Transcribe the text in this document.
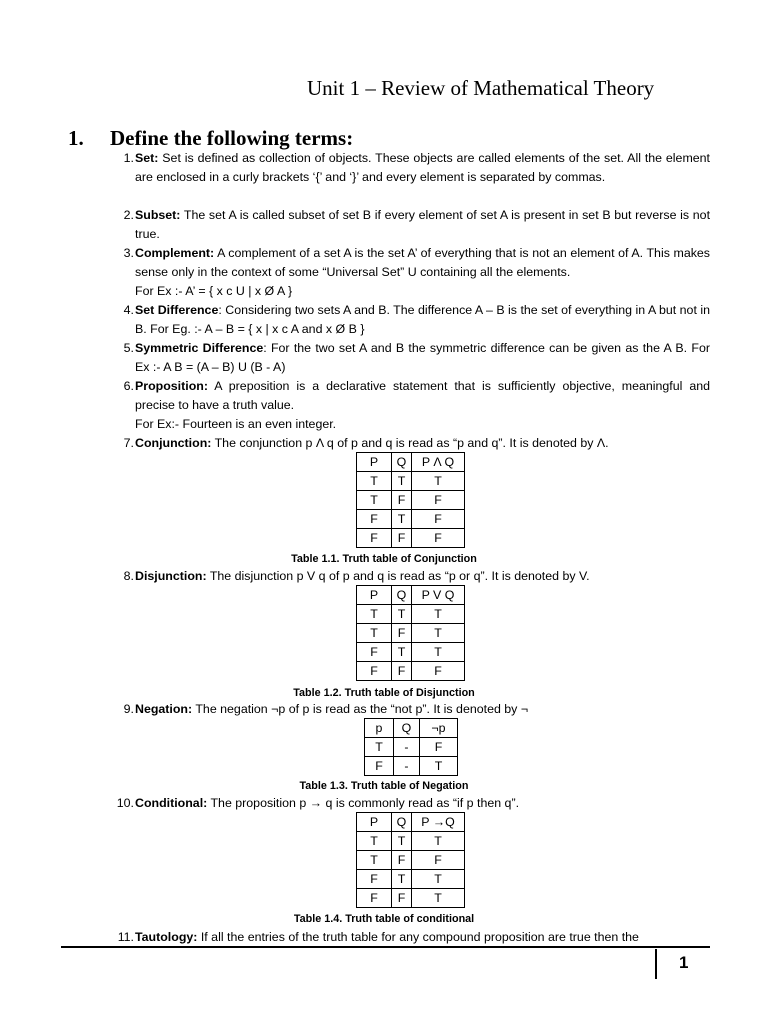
Unit 1 – Review of Mathematical Theory
1. Define the following terms:
1. Set: Set is defined as collection of objects. These objects are called elements of the set. All the element are enclosed in a curly brackets ‘{’ and ‘}’ and every element is separated by commas.
2. Subset: The set A is called subset of set B if every element of set A is present in set B but reverse is not true.
3. Complement: A complement of a set A is the set A’ of everything that is not an element of A. This makes sense only in the context of some “Universal Set” U containing all the elements.
For Ex :- A’ = { x c U | x Ø A }
4. Set Difference: Considering two sets A and B. The difference A – B is the set of everything in A but not in B. For Eg. :- A – B = { x | x c A and x Ø B }
5. Symmetric Difference: For the two set A and B the symmetric difference can be given as the A B. For Ex :- A B = (A – B) U (B - A)
6. Proposition: A preposition is a declarative statement that is sufficiently objective, meaningful and precise to have a truth value.
For Ex:- Fourteen is an even integer.
7. Conjunction: The conjunction p Λ q of p and q is read as “p and q”. It is denoted by Λ.
P	Q	P Λ Q
T	T	T
T	F	F
F	T	F
F	F	F
Table 1.1. Truth table of Conjunction
8. Disjunction: The disjunction p V q of p and q is read as “p or q”. It is denoted by V.
P	Q	P V Q
T	T	T
T	F	T
F	T	T
F	F	F
Table 1.2. Truth table of Disjunction
9. Negation: The negation ¬p of p is read as the “not p”. It is denoted by ¬
p	Q	¬p
T	-	F
F	-	T
Table 1.3. Truth table of Negation
10. Conditional: The proposition p → q is commonly read as “if p then q”.
P	Q	P →Q
T	T	T
T	F	F
F	T	T
F	F	T
Table 1.4. Truth table of conditional
11. Tautology: If all the entries of the truth table for any compound proposition are true then the
1
